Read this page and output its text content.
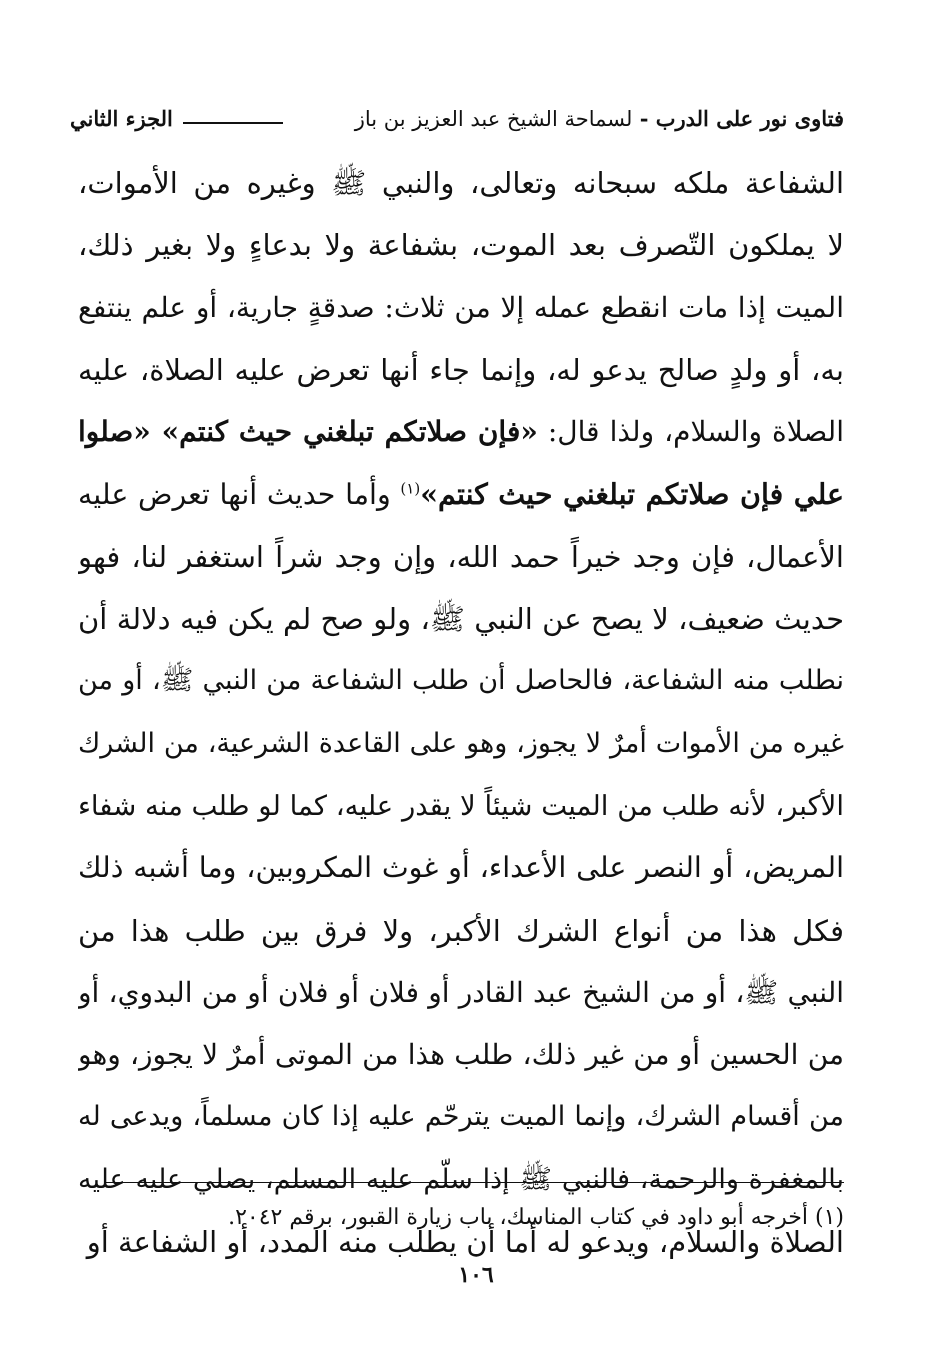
فتاوى نور على الدرب - لسماحة الشيخ عبد العزيز بن باز
الجزء الثاني
الشفاعة ملكه سبحانه وتعالى، والنبي ﷺ وغيره من الأموات،
لا يملكون التّصرف بعد الموت، بشفاعة ولا بدعاءٍ ولا بغير ذلك،
الميت إذا مات انقطع عمله إلا من ثلاث: صدقةٍ جارية، أو علم ينتفع
به، أو ولدٍ صالح يدعو له، وإنما جاء أنها تعرض عليه الصلاة، عليه
الصلاة والسلام، ولذا قال: «فإن صلاتكم تبلغني حيث كنتم» «صلوا
علي فإن صلاتكم تبلغني حيث كنتم»$^{(١)}$ وأما حديث أنها تعرض عليه
الأعمال، فإن وجد خيراً حمد الله، وإن وجد شراً استغفر لنا، فهو
حديث ضعيف، لا يصح عن النبي ﷺ، ولو صح لم يكن فيه دلالة أن
نطلب منه الشفاعة، فالحاصل أن طلب الشفاعة من النبي ﷺ، أو من
غيره من الأموات أمرٌ لا يجوز، وهو على القاعدة الشرعية، من الشرك
الأكبر، لأنه طلب من الميت شيئاً لا يقدر عليه، كما لو طلب منه شفاء
المريض، أو النصر على الأعداء، أو غوث المكروبين، وما أشبه ذلك
فكل هذا من أنواع الشرك الأكبر، ولا فرق بين طلب هذا من
النبي ﷺ، أو من الشيخ عبد القادر أو فلان أو فلان أو من البدوي، أو
من الحسين أو من غير ذلك، طلب هذا من الموتى أمرٌ لا يجوز، وهو
من أقسام الشرك، وإنما الميت يترحّم عليه إذا كان مسلماً، ويدعى له
بالمغفرة والرحمة، فالنبي ﷺ إذا سلّم عليه المسلم، يصلي عليه عليه
الصلاة والسلام، ويدعو له أما أن يطلب منه المدد، أو الشفاعة أو
(١) أخرجه أبو داود في كتاب المناسك، باب زيارة القبور، برقم ٢٠٤٢.
١٠٦
